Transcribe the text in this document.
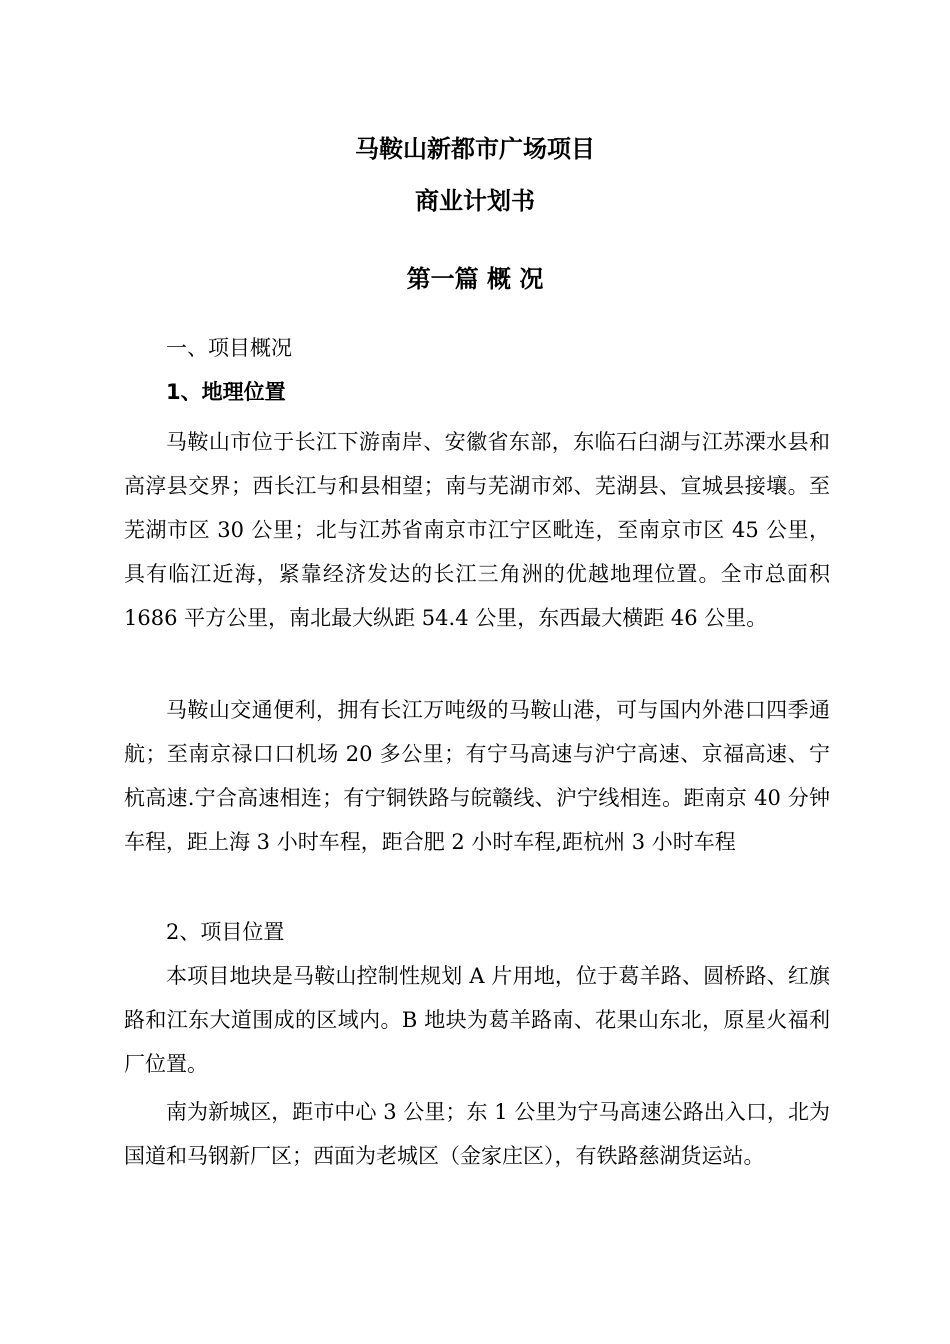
马鞍山新都市广场项目
商业计划书
第一篇 概 况
一、项目概况
1、地理位置

马鞍山市位于长江下游南岸、安徽省东部，东临石臼湖与江苏溧水县和高淳县交界；西长江与和县相望；南与芜湖市郊、芜湖县、宣城县接壤。至芜湖市区 30 公里；北与江苏省南京市江宁区毗连，至南京市区 45 公里，具有临江近海，紧靠经济发达的长江三角洲的优越地理位置。全市总面积 1686 平方公里，南北最大纵距 54.4 公里，东西最大横距 46 公里。

马鞍山交通便利，拥有长江万吨级的马鞍山港，可与国内外港口四季通航；至南京禄口口机场 20 多公里；有宁马高速与沪宁高速、京福高速、宁杭高速.宁合高速相连；有宁铜铁路与皖赣线、沪宁线相连。距南京 40 分钟车程，距上海 3 小时车程，距合肥 2 小时车程,距杭州 3 小时车程

2、项目位置

本项目地块是马鞍山控制性规划 A 片用地，位于葛羊路、圆桥路、红旗路和江东大道围成的区域内。B 地块为葛羊路南、花果山东北，原星火福利厂位置。

南为新城区，距市中心 3 公里；东 1 公里为宁马高速公路出入口，北为国道和马钢新厂区；西面为老城区（金家庄区），有铁路慈湖货运站。
